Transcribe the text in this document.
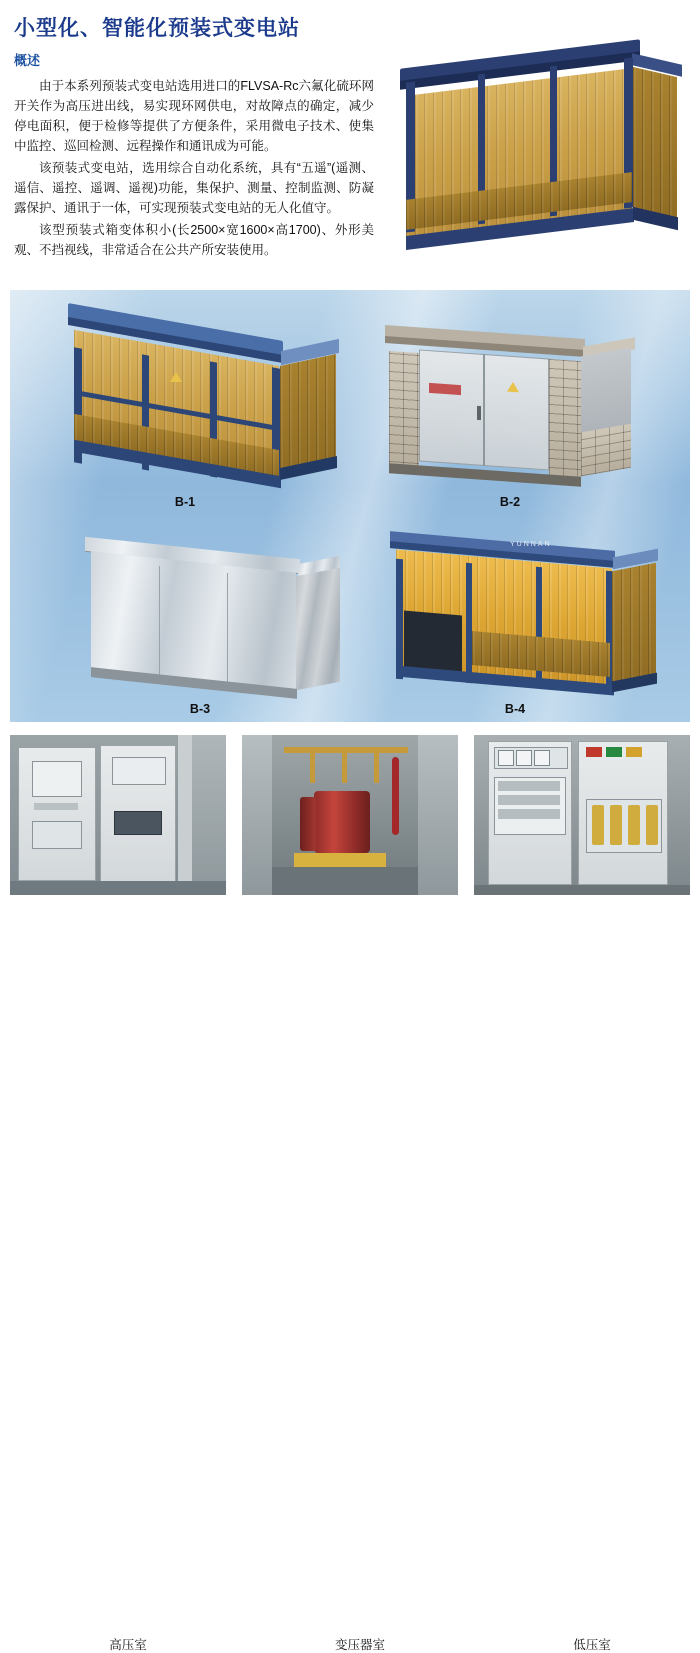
小型化、智能化预装式变电站
概述

由于本系列预装式变电站选用进口的FLVSA-Rc六氟化硫环网开关作为高压进出线，易实现环网供电，对故障点的确定，减少停电面积，便于检修等提供了方便条件，采用微电子技术、使集中监控、巡回检测、远程操作和通讯成为可能。

该预装式变电站，选用综合自动化系统，具有“五遥”(遥测、遥信、遥控、遥调、遥视)功能，集保护、测量、控制监测、防凝露保护、通讯于一体，可实现预装式变电站的无人化值守。

该型预装式箱变体积小(长2500×宽1600×高1700)、外形美观、不挡视线，非常适合在公共产所安装使用。

B-1	B-2
B-3
YUNNAN
B-4
高压室	变压器室	低压室
